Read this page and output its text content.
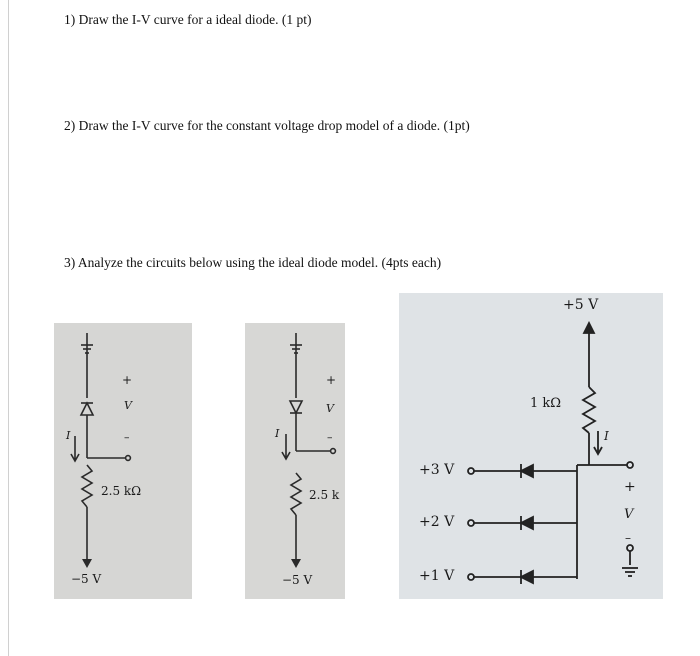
1) Draw the I-V curve for a ideal diode. (1 pt)
2) Draw the I-V curve for the constant voltage drop model of a diode. (1pt)
3) Analyze the circuits below using the ideal diode model. (4pts each)
I
+
V
–
2.5 kΩ
−5 V
I
+
V
–
2.5 k
−5 V
+5 V
1 kΩ
I
+3 V
+2 V
+1 V
+
V
–
